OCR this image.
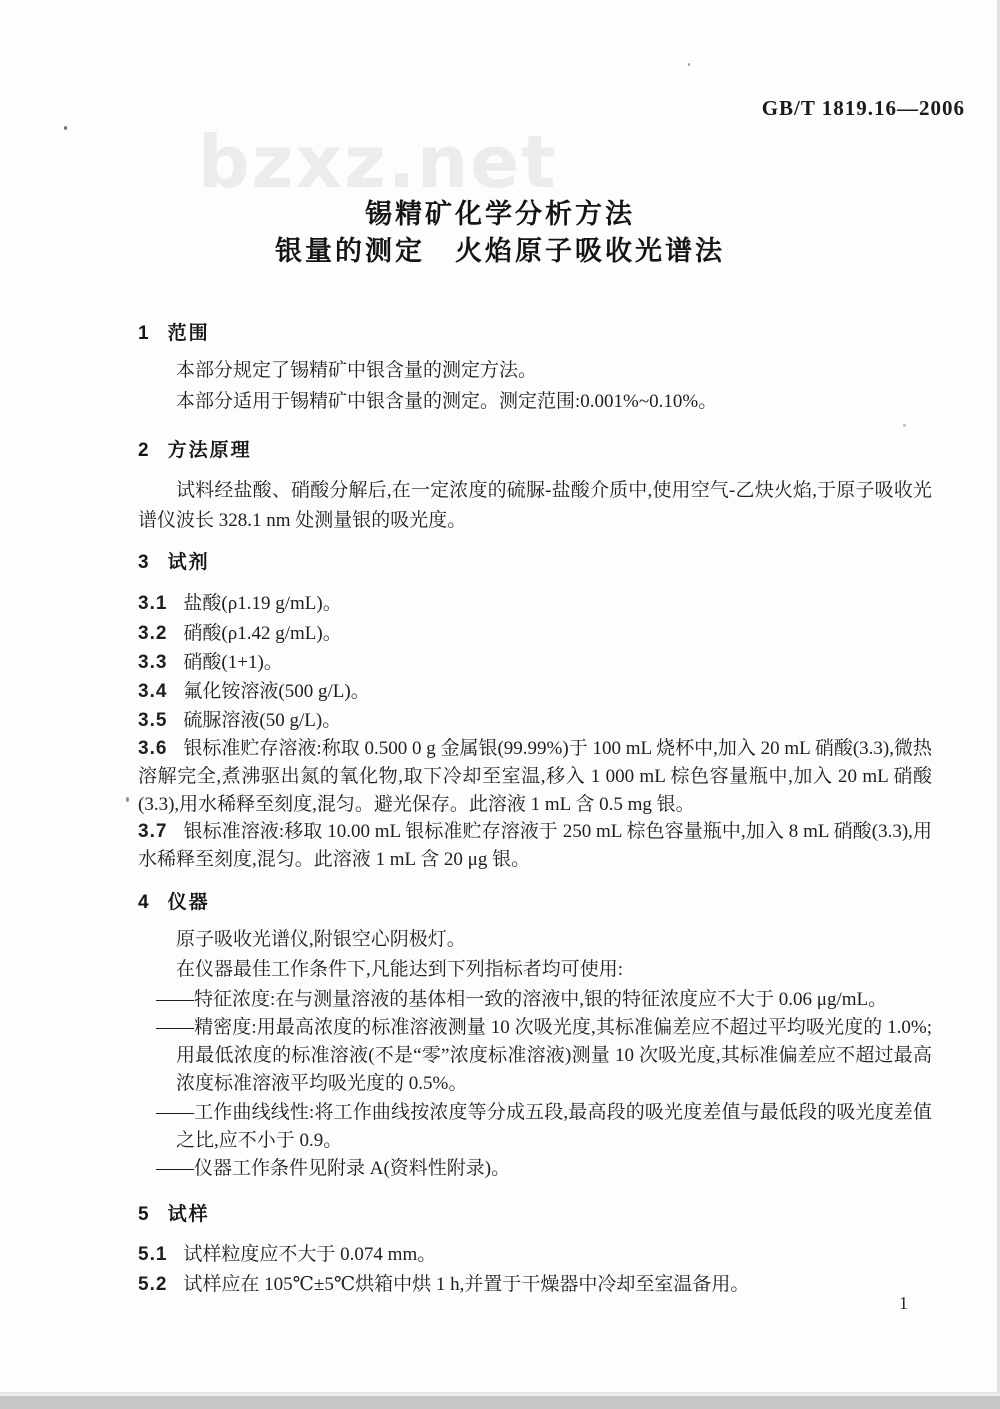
GB/T 1819.16—2006
bzxz.net
锡精矿化学分析方法
银量的测定　火焰原子吸收光谱法
1 范围
本部分规定了锡精矿中银含量的测定方法。
本部分适用于锡精矿中银含量的测定。测定范围:0.001%~0.10%。
2 方法原理
试料经盐酸、硝酸分解后,在一定浓度的硫脲-盐酸介质中,使用空气-乙炔火焰,于原子吸收光谱仪波长 328.1 nm 处测量银的吸光度。
3 试剂
3.1 盐酸(ρ1.19 g/mL)。
3.2 硝酸(ρ1.42 g/mL)。
3.3 硝酸(1+1)。
3.4 氟化铵溶液(500 g/L)。
3.5 硫脲溶液(50 g/L)。
3.6 银标准贮存溶液:称取 0.500 0 g 金属银(99.99%)于 100 mL 烧杯中,加入 20 mL 硝酸(3.3),微热溶解完全,煮沸驱出氮的氧化物,取下冷却至室温,移入 1 000 mL 棕色容量瓶中,加入 20 mL 硝酸(3.3),用水稀释至刻度,混匀。避光保存。此溶液 1 mL 含 0.5 mg 银。
3.7 银标准溶液:移取 10.00 mL 银标准贮存溶液于 250 mL 棕色容量瓶中,加入 8 mL 硝酸(3.3),用水稀释至刻度,混匀。此溶液 1 mL 含 20 μg 银。
4 仪器
原子吸收光谱仪,附银空心阴极灯。
在仪器最佳工作条件下,凡能达到下列指标者均可使用:
——特征浓度:在与测量溶液的基体相一致的溶液中,银的特征浓度应不大于 0.06 μg/mL。
——精密度:用最高浓度的标准溶液测量 10 次吸光度,其标准偏差应不超过平均吸光度的 1.0%;用最低浓度的标准溶液(不是“零”浓度标准溶液)测量 10 次吸光度,其标准偏差应不超过最高浓度标准溶液平均吸光度的 0.5%。
——工作曲线线性:将工作曲线按浓度等分成五段,最高段的吸光度差值与最低段的吸光度差值之比,应不小于 0.9。
——仪器工作条件见附录 A(资料性附录)。
5 试样
5.1 试样粒度应不大于 0.074 mm。
5.2 试样应在 105℃±5℃烘箱中烘 1 h,并置于干燥器中冷却至室温备用。
1
